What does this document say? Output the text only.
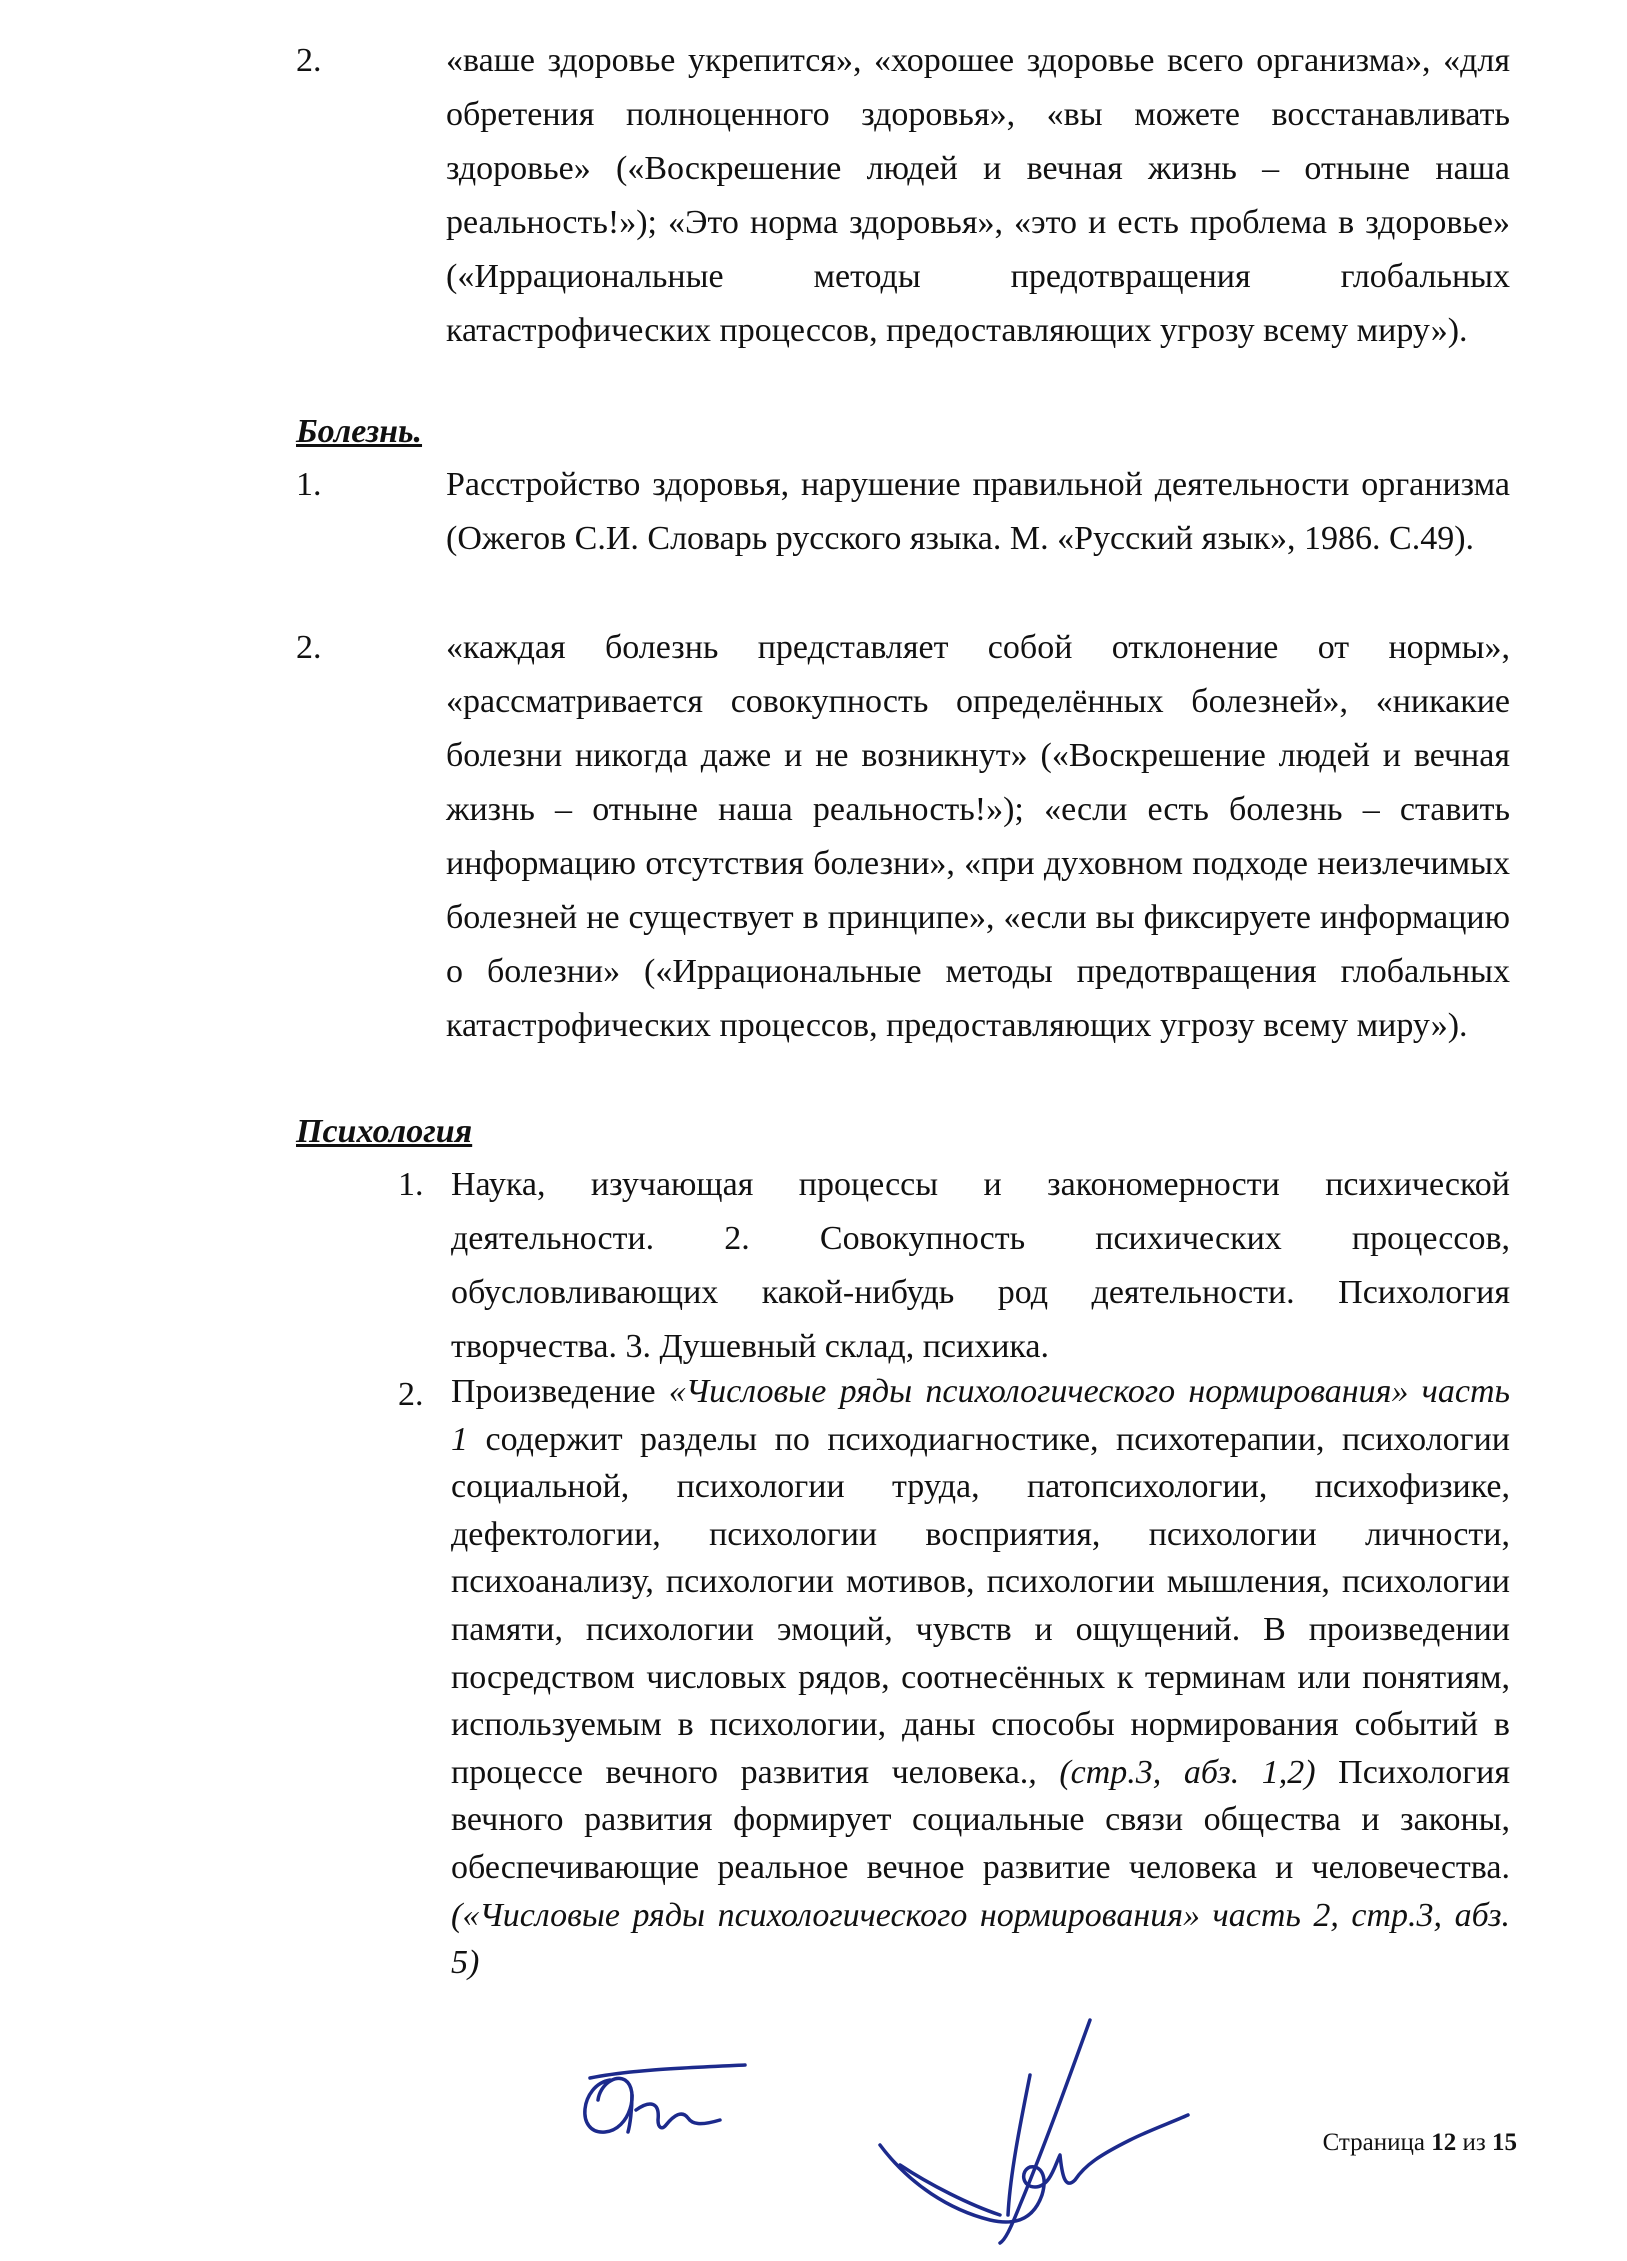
2.	«ваше здоровье укрепится», «хорошее здоровье всего организма», «для обретения полноценного здоровья», «вы можете восстанавливать здоровье» («Воскрешение людей и вечная жизнь – отныне наша реальность!»); «Это норма здоровья», «это и есть проблема в здоровье» («Иррациональные методы предотвращения глобальных катастрофических процессов, предоставляющих угрозу всему миру»).
Болезнь.
1.	Расстройство здоровья, нарушение правильной деятельности организма (Ожегов С.И. Словарь русского языка. М. «Русский язык», 1986. С.49).
2.	«каждая болезнь представляет собой отклонение от нормы», «рассматривается совокупность определённых болезней», «никакие болезни никогда даже и не возникнут» («Воскрешение людей и вечная жизнь – отныне наша реальность!»); «если есть болезнь – ставить информацию отсутствия болезни», «при духовном подходе неизлечимых болезней не существует в принципе», «если вы фиксируете информацию о болезни» («Иррациональные методы предотвращения глобальных катастрофических процессов, предоставляющих угрозу всему миру»).
Психология
1. Наука, изучающая процессы и закономерности психической деятельности. 2. Совокупность психических процессов, обусловливающих какой-нибудь род деятельности. Психология творчества. 3. Душевный склад, психика.
2. Произведение «Числовые ряды психологического нормирования» часть 1 содержит разделы по психодиагностике, психотерапии, психологии социальной, психологии труда, патопсихологии, психофизике, дефектологии, психологии восприятия, психологии личности, психоанализу, психологии мотивов, психологии мышления, психологии памяти, психологии эмоций, чувств и ощущений. В произведении посредством числовых рядов, соотнесённых к терминам или понятиям, используемым в психологии, даны способы нормирования событий в процессе вечного развития человека., (стр.3, абз. 1,2) Психология вечного развития формирует социальные связи общества и законы, обеспечивающие реальное вечное развитие человека и человечества. («Числовые ряды психологического нормирования» часть 2, стр.3, абз. 5)
Страница 12 из 15
